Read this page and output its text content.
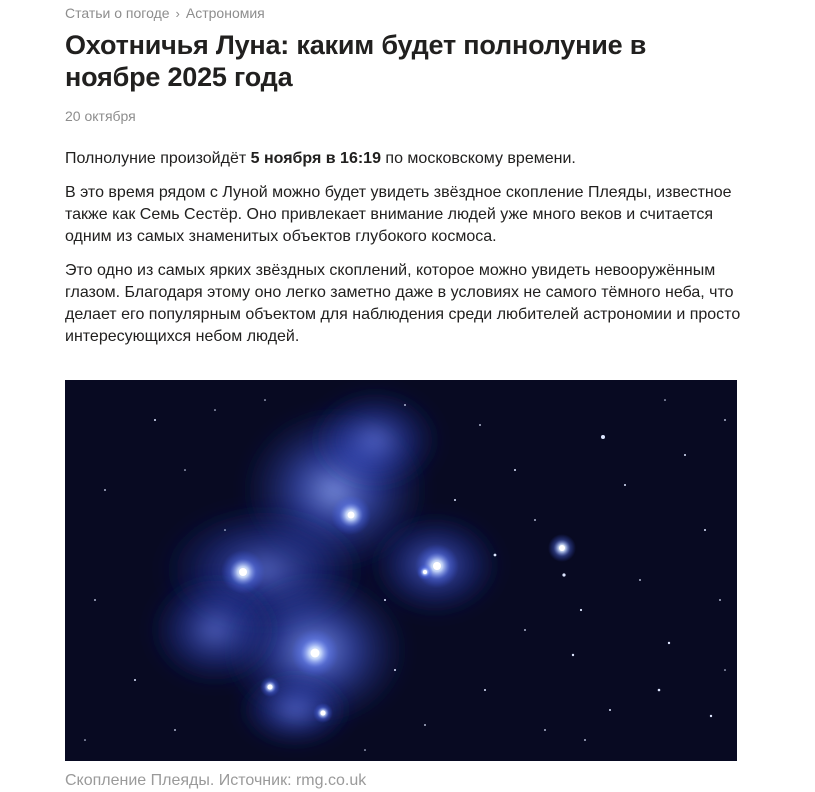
Статьи о погоде › Астрономия
Охотничья Луна: каким будет полнолуние в ноябре 2025 года
20 октября

Полнолуние произойдёт 5 ноября в 16:19 по московскому времени.

В это время рядом с Луной можно будет увидеть звёздное скопление Плеяды, известное также как Семь Сестёр. Оно привлекает внимание людей уже много веков и считается одним из самых знаменитых объектов глубокого космоса.

Это одно из самых ярких звёздных скоплений, которое можно увидеть невооружённым глазом. Благодаря этому оно легко заметно даже в условиях не самого тёмного неба, что делает его популярным объектом для наблюдения среди любителей астрономии и просто интересующихся небом людей.

Скопление Плеяды. Источник: rmg.co.uk
